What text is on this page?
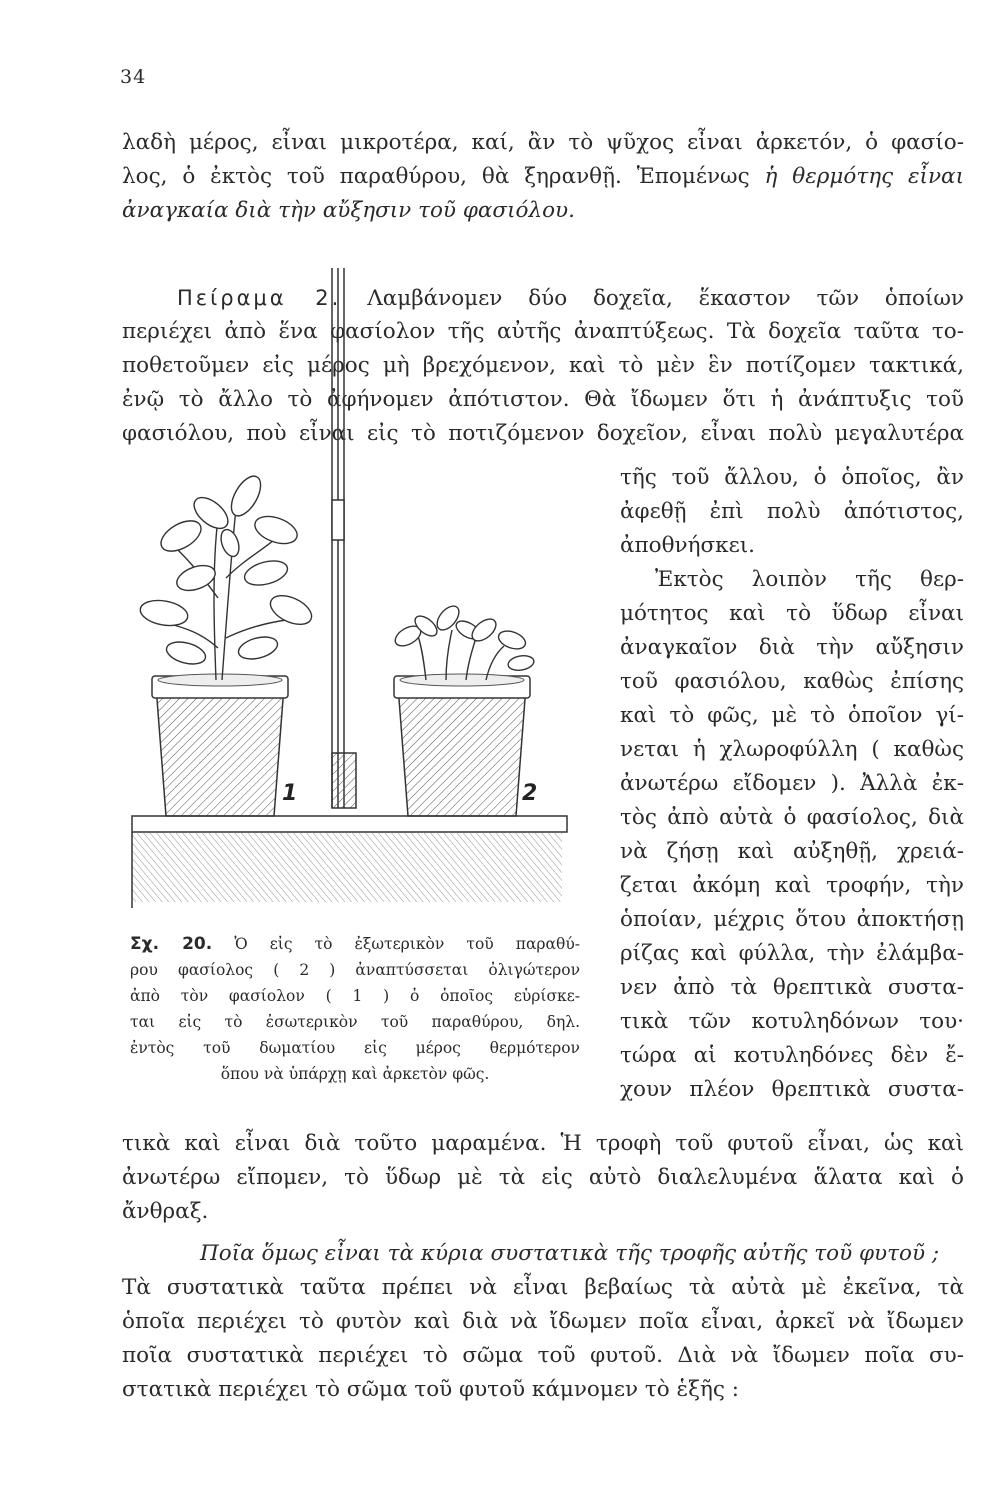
34
λαδὴ μέρος, εἶναι μικροτέρα, καί, ἂν τὸ ψῦχος εἶναι ἀρκετόν, ὁ φασίο-
λος, ὁ ἐκτὸς τοῦ παραθύρου, θὰ ξηρανθῇ. Ἑπομένως ἡ θερμότης εἶναι
ἀναγκαία διὰ τὴν αὔξησιν τοῦ φασιόλου.
Πείραμα 2. Λαμβάνομεν δύο δοχεῖα, ἕκαστον τῶν ὁποίων
περιέχει ἀπὸ ἕνα φασίολον τῆς αὐτῆς ἀναπτύξεως. Τὰ δοχεῖα ταῦτα το-
ποθετοῦμεν εἰς μέρος μὴ βρεχόμενον, καὶ τὸ μὲν ἓν ποτίζομεν τακτικά,
ἐνῷ τὸ ἄλλο τὸ ἀφήνομεν ἀπότιστον. Θὰ ἴδωμεν ὅτι ἡ ἀνάπτυξις τοῦ
φασιόλου, ποὺ εἶναι εἰς τὸ ποτιζόμενον δοχεῖον, εἶναι πολὺ μεγαλυτέρα
τῆς τοῦ ἄλλου, ὁ ὁποῖος, ἂν
ἀφεθῇ ἐπὶ πολὺ ἀπότιστος,
ἀποθνήσκει.
Ἐκτὸς λοιπὸν τῆς θερ-
μότητος καὶ τὸ ὕδωρ εἶναι
ἀναγκαῖον διὰ τὴν αὔξησιν
τοῦ φασιόλου, καθὼς ἐπίσης
καὶ τὸ φῶς, μὲ τὸ ὁποῖον γί-
νεται ἡ χλωροφύλλη ( καθὼς
ἀνωτέρω εἴδομεν ). Ἀλλὰ ἐκ-
τὸς ἀπὸ αὐτὰ ὁ φασίολος, διὰ
νὰ ζήσῃ καὶ αὐξηθῇ, χρειά-
ζεται ἀκόμη καὶ τροφήν, τὴν
ὁποίαν, μέχρις ὅτου ἀποκτήσῃ
ρίζας καὶ φύλλα, τὴν ἐλάμβα-
νεν ἀπὸ τὰ θρεπτικὰ συστα-
τικὰ τῶν κοτυληδόνων του·
τώρα αἱ κοτυληδόνες δὲν ἔ-
χουν πλέον θρεπτικὰ συστα-
1	2
Σχ. 20. Ὁ εἰς τὸ ἐξωτερικὸν τοῦ παραθύ-
ρου φασίολος ( 2 ) ἀναπτύσσεται ὀλιγώτερον
ἀπὸ τὸν φασίολον ( 1 ) ὁ ὁποῖος εὑρίσκε-
ται εἰς τὸ ἐσωτερικὸν τοῦ παραθύρου, δηλ.
ἐντὸς τοῦ δωματίου εἰς μέρος θερμότερον
ὅπου νὰ ὑπάρχῃ καὶ ἀρκετὸν φῶς.
τικὰ καὶ εἶναι διὰ τοῦτο μαραμένα. Ἡ τροφὴ τοῦ φυτοῦ εἶναι, ὡς καὶ
ἀνωτέρω εἴπομεν, τὸ ὕδωρ μὲ τὰ εἰς αὐτὸ διαλελυμένα ἅλατα καὶ ὁ
ἄνθραξ.
Ποῖα ὅμως εἶναι τὰ κύρια συστατικὰ τῆς τροφῆς αὐτῆς τοῦ φυτοῦ ;
Τὰ συστατικὰ ταῦτα πρέπει νὰ εἶναι βεβαίως τὰ αὐτὰ μὲ ἐκεῖνα, τὰ
ὁποῖα περιέχει τὸ φυτὸν καὶ διὰ νὰ ἴδωμεν ποῖα εἶναι, ἀρκεῖ νὰ ἴδωμεν
ποῖα συστατικὰ περιέχει τὸ σῶμα τοῦ φυτοῦ. Διὰ νὰ ἴδωμεν ποῖα συ-
στατικὰ περιέχει τὸ σῶμα τοῦ φυτοῦ κάμνομεν τὸ ἑξῆς :
